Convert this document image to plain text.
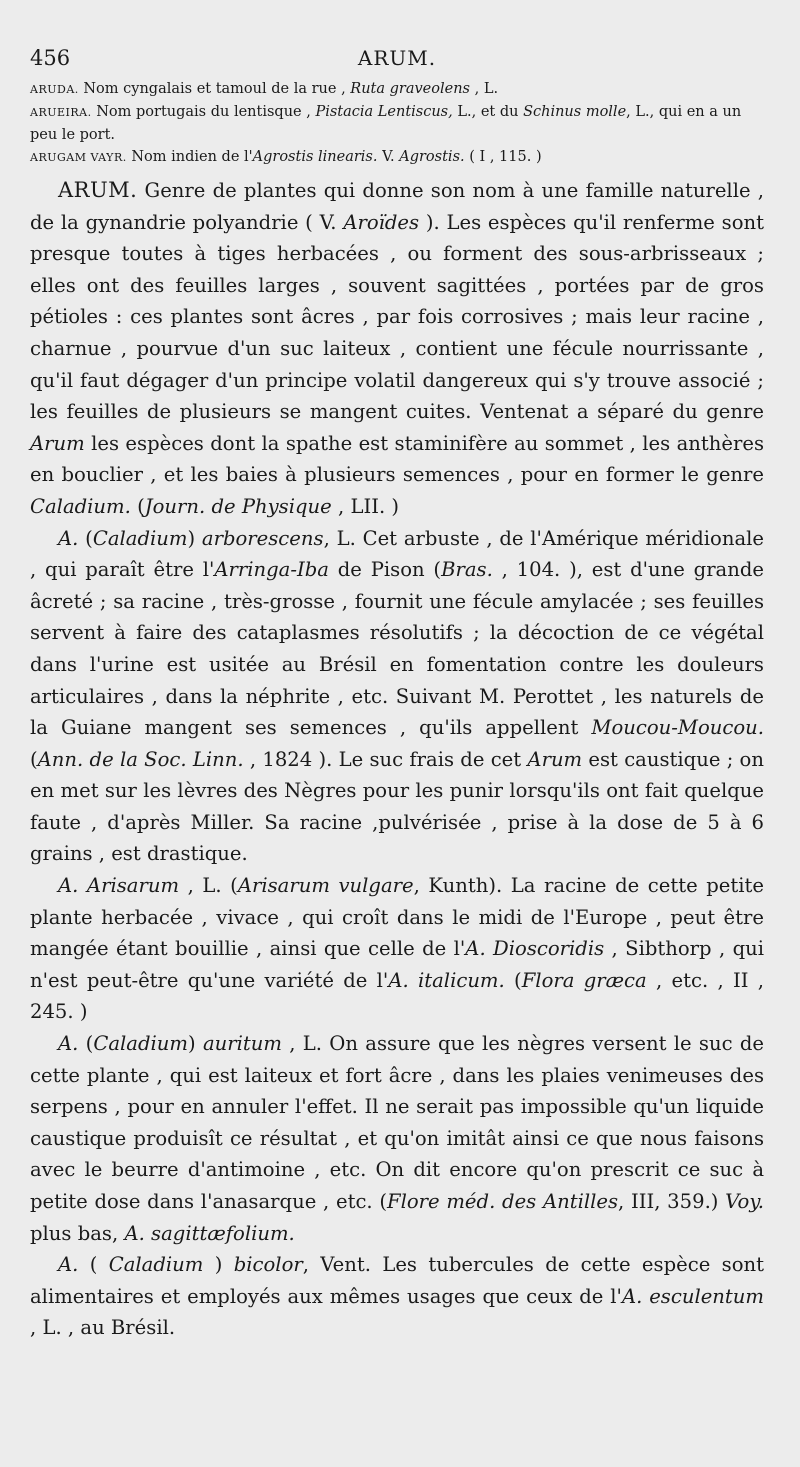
456	ARUM.

ARUDA. Nom cyngalais et tamoul de la rue , Ruta graveolens , L.

ARUEIRA. Nom portugais du lentisque , Pistacia Lentiscus, L., et du Schinus molle, L., qui en a un peu le port.

ARUGAM VAYR. Nom indien de l'Agrostis linearis. V. Agrostis. ( I , 115. )

ARUM. Genre de plantes qui donne son nom à une famille naturelle , de la gynandrie polyandrie ( V. Aroïdes ). Les espèces qu'il renferme sont presque toutes à tiges herbacées , ou forment des sous-arbrisseaux ; elles ont des feuilles larges , souvent sagittées , portées par de gros pétioles : ces plantes sont âcres , par fois corrosives ; mais leur racine , charnue , pourvue d'un suc laiteux , contient une fécule nourrissante , qu'il faut dégager d'un principe volatil dangereux qui s'y trouve associé ; les feuilles de plusieurs se mangent cuites. Ventenat a séparé du genre Arum les espèces dont la spathe est staminifère au sommet , les anthères en bouclier , et les baies à plusieurs semences , pour en former le genre Caladium. (Journ. de Physique , LII. )

A. (Caladium) arborescens, L. Cet arbuste , de l'Amérique méridionale , qui paraît être l'Arringa-Iba de Pison (Bras. , 104. ), est d'une grande âcreté ; sa racine , très-grosse , fournit une fécule amylacée ; ses feuilles servent à faire des cataplasmes résolutifs ; la décoction de ce végétal dans l'urine est usitée au Brésil en fomentation contre les douleurs articulaires , dans la néphrite , etc. Suivant M. Perottet , les naturels de la Guiane mangent ses semences , qu'ils appellent Moucou-Moucou. (Ann. de la Soc. Linn. , 1824 ). Le suc frais de cet Arum est caustique ; on en met sur les lèvres des Nègres pour les punir lorsqu'ils ont fait quelque faute , d'après Miller. Sa racine ,pulvérisée , prise à la dose de 5 à 6 grains , est drastique.

A. Arisarum , L. (Arisarum vulgare, Kunth). La racine de cette petite plante herbacée , vivace , qui croît dans le midi de l'Europe , peut être mangée étant bouillie , ainsi que celle de l'A. Dioscoridis , Sibthorp , qui n'est peut-être qu'une variété de l'A. italicum. (Flora græca , etc. , II , 245. )

A. (Caladium) auritum , L. On assure que les nègres versent le suc de cette plante , qui est laiteux et fort âcre , dans les plaies venimeuses des serpens , pour en annuler l'effet. Il ne serait pas impossible qu'un liquide caustique produisît ce résultat , et qu'on imitât ainsi ce que nous faisons avec le beurre d'antimoine , etc. On dit encore qu'on prescrit ce suc à petite dose dans l'anasarque , etc. (Flore méd. des Antilles, III, 359.) Voy. plus bas, A. sagittæfolium.

A. ( Caladium ) bicolor, Vent. Les tubercules de cette espèce sont alimentaires et employés aux mêmes usages que ceux de l'A. esculentum , L. , au Brésil.
